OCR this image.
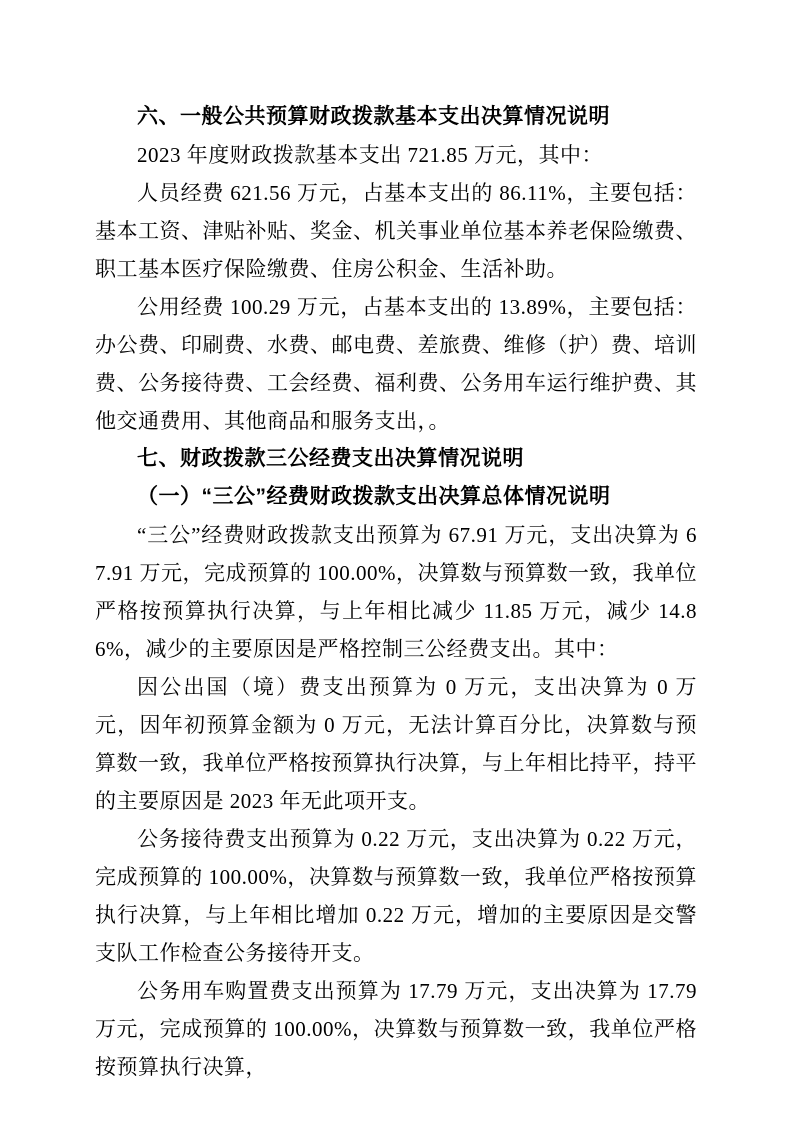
六、一般公共预算财政拨款基本支出决算情况说明

2023 年度财政拨款基本支出 721.85 万元，其中：

人员经费 621.56 万元，占基本支出的 86.11%，主要包括：基本工资、津贴补贴、奖金、机关事业单位基本养老保险缴费、职工基本医疗保险缴费、住房公积金、生活补助。

公用经费 100.29 万元，占基本支出的 13.89%，主要包括：办公费、印刷费、水费、邮电费、差旅费、维修（护）费、培训费、公务接待费、工会经费、福利费、公务用车运行维护费、其他交通费用、其他商品和服务支出，。

七、财政拨款三公经费支出决算情况说明

（一）“三公”经费财政拨款支出决算总体情况说明

“三公”经费财政拨款支出预算为 67.91 万元，支出决算为 67.91 万元，完成预算的 100.00%，决算数与预算数一致，我单位严格按预算执行决算，与上年相比减少 11.85 万元，减少 14.86%，减少的主要原因是严格控制三公经费支出。其中：

因公出国（境）费支出预算为 0 万元，支出决算为 0 万元，因年初预算金额为 0 万元，无法计算百分比，决算数与预算数一致，我单位严格按预算执行决算，与上年相比持平，持平的主要原因是 2023 年无此项开支。

公务接待费支出预算为 0.22 万元，支出决算为 0.22 万元，完成预算的 100.00%，决算数与预算数一致，我单位严格按预算执行决算，与上年相比增加 0.22 万元，增加的主要原因是交警支队工作检查公务接待开支。

公务用车购置费支出预算为 17.79 万元，支出决算为 17.79 万元，完成预算的 100.00%，决算数与预算数一致，我单位严格按预算执行决算，
